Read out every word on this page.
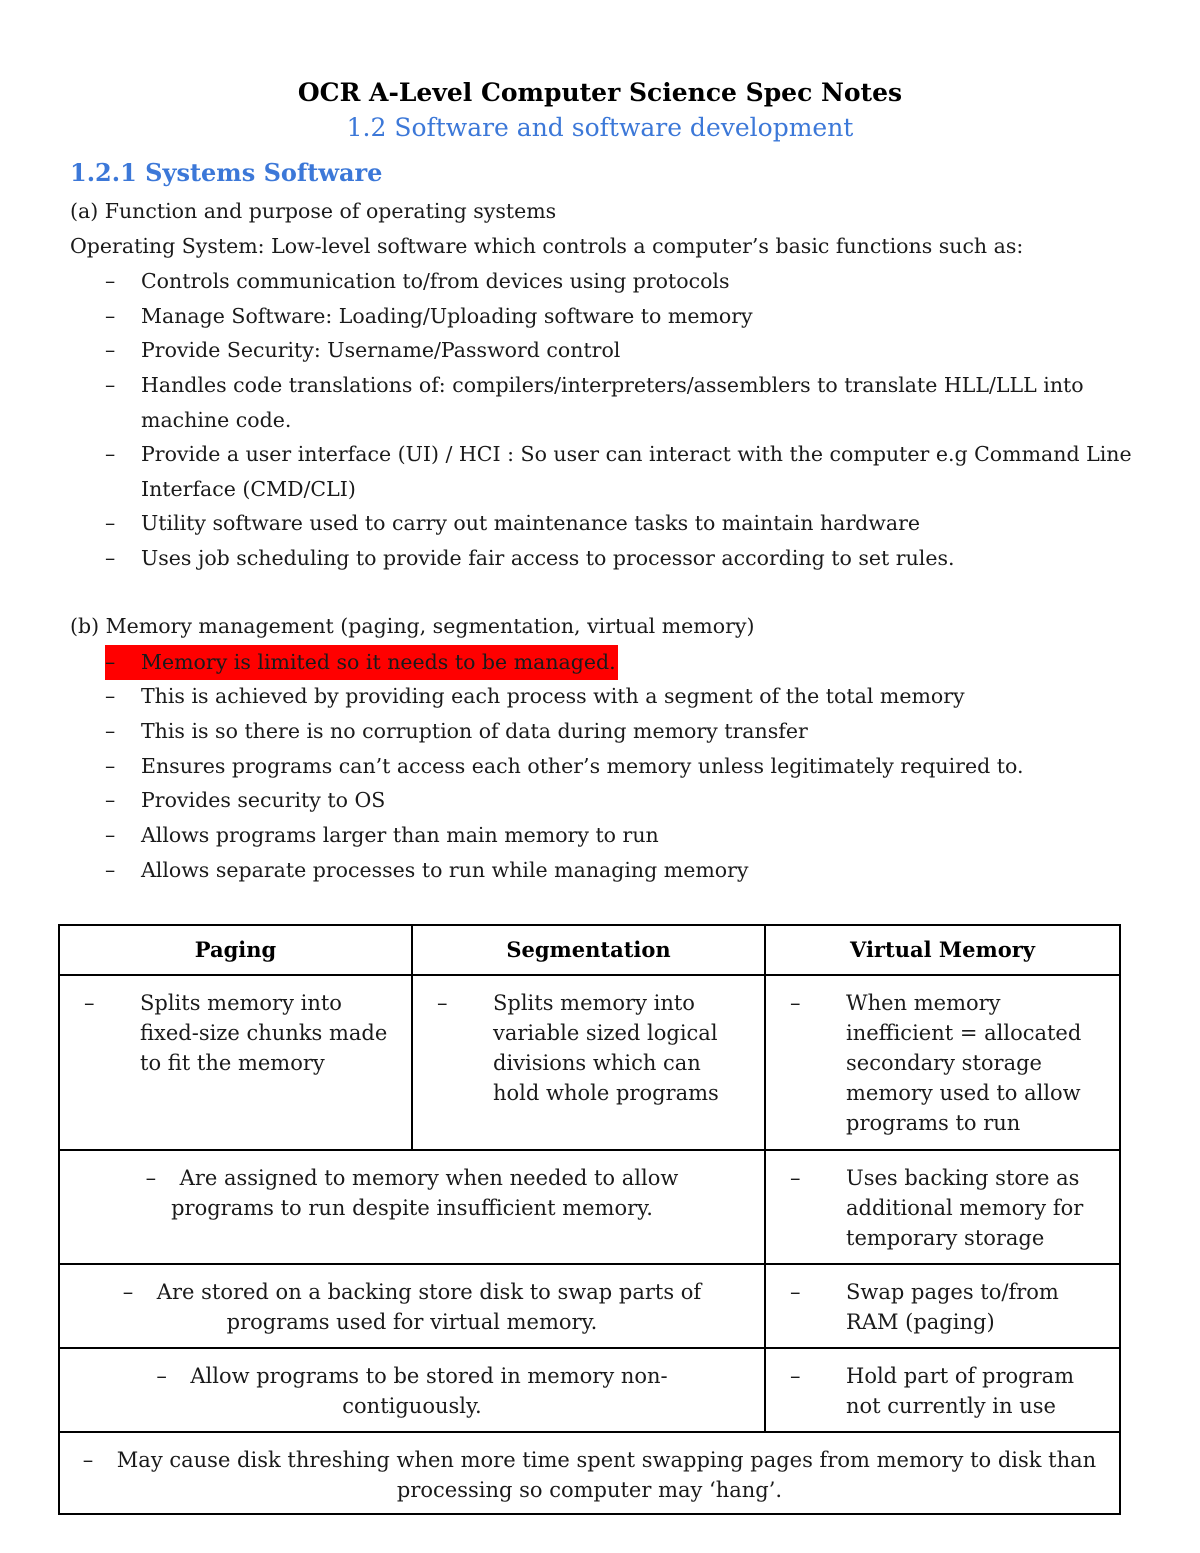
OCR A-Level Computer Science Spec Notes
1.2 Software and software development
1.2.1 Systems Software
(a) Function and purpose of operating systems
Operating System: Low-level software which controls a computer’s basic functions such as:
–	Controls communication to/from devices using protocols
–	Manage Software: Loading/Uploading software to memory
–	Provide Security: Username/Password control
–	Handles code translations of: compilers/interpreters/assemblers to translate HLL/LLL into machine code.
–	Provide a user interface (UI) / HCI : So user can interact with the computer e.g Command Line Interface (CMD/CLI)
–	Utility software used to carry out maintenance tasks to maintain hardware
–	Uses job scheduling to provide fair access to processor according to set rules.
(b) Memory management (paging, segmentation, virtual memory)
– Memory is limited so it needs to be managed.
–	This is achieved by providing each process with a segment of the total memory
–	This is so there is no corruption of data during memory transfer
–	Ensures programs can’t access each other’s memory unless legitimately required to.
–	Provides security to OS
–	Allows programs larger than main memory to run
–	Allows separate processes to run while managing memory
Paging	Segmentation	Virtual Memory

– Splits memory into fixed-size chunks made to fit the memory	– Splits memory into variable sized logical divisions which can hold whole programs	– When memory inefficient = allocated secondary storage memory used to allow programs to run

– Are assigned to memory when needed to allow programs to run despite insufficient memory.		– Uses backing store as additional memory for temporary storage

– Are stored on a backing store disk to swap parts of programs used for virtual memory.		– Swap pages to/from RAM (paging)

– Allow programs to be stored in memory non-contiguously.		– Hold part of program not currently in use

– May cause disk threshing when more time spent swapping pages from memory to disk than processing so computer may ‘hang’.		
